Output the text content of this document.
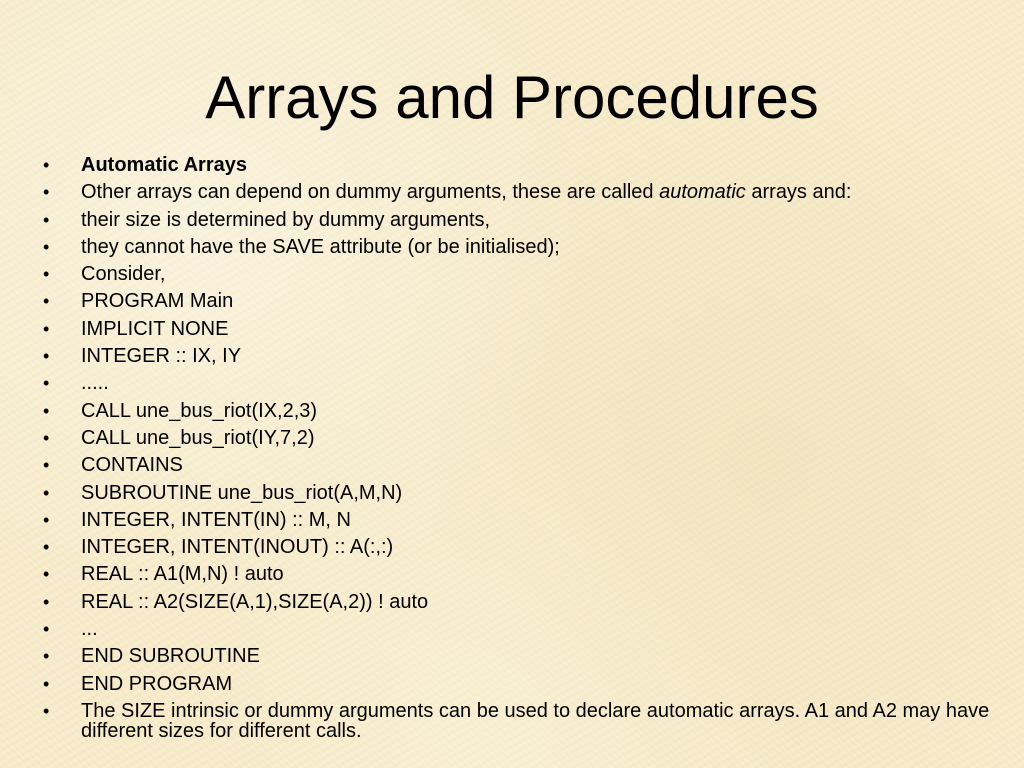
Arrays and Procedures
• Automatic Arrays
• Other arrays can depend on dummy arguments, these are called automatic arrays and:
• their size is determined by dummy arguments,
• they cannot have the SAVE attribute (or be initialised);
• Consider,
• PROGRAM Main
• IMPLICIT NONE
• INTEGER :: IX, IY
• .....
• CALL une_bus_riot(IX,2,3)
• CALL une_bus_riot(IY,7,2)
• CONTAINS
• SUBROUTINE une_bus_riot(A,M,N)
• INTEGER, INTENT(IN) :: M, N
• INTEGER, INTENT(INOUT) :: A(:,:)
• REAL :: A1(M,N) ! auto
• REAL :: A2(SIZE(A,1),SIZE(A,2)) ! auto
• ...
• END SUBROUTINE
• END PROGRAM
• The SIZE intrinsic or dummy arguments can be used to declare automatic arrays. A1 and A2 may have different sizes for different calls.
